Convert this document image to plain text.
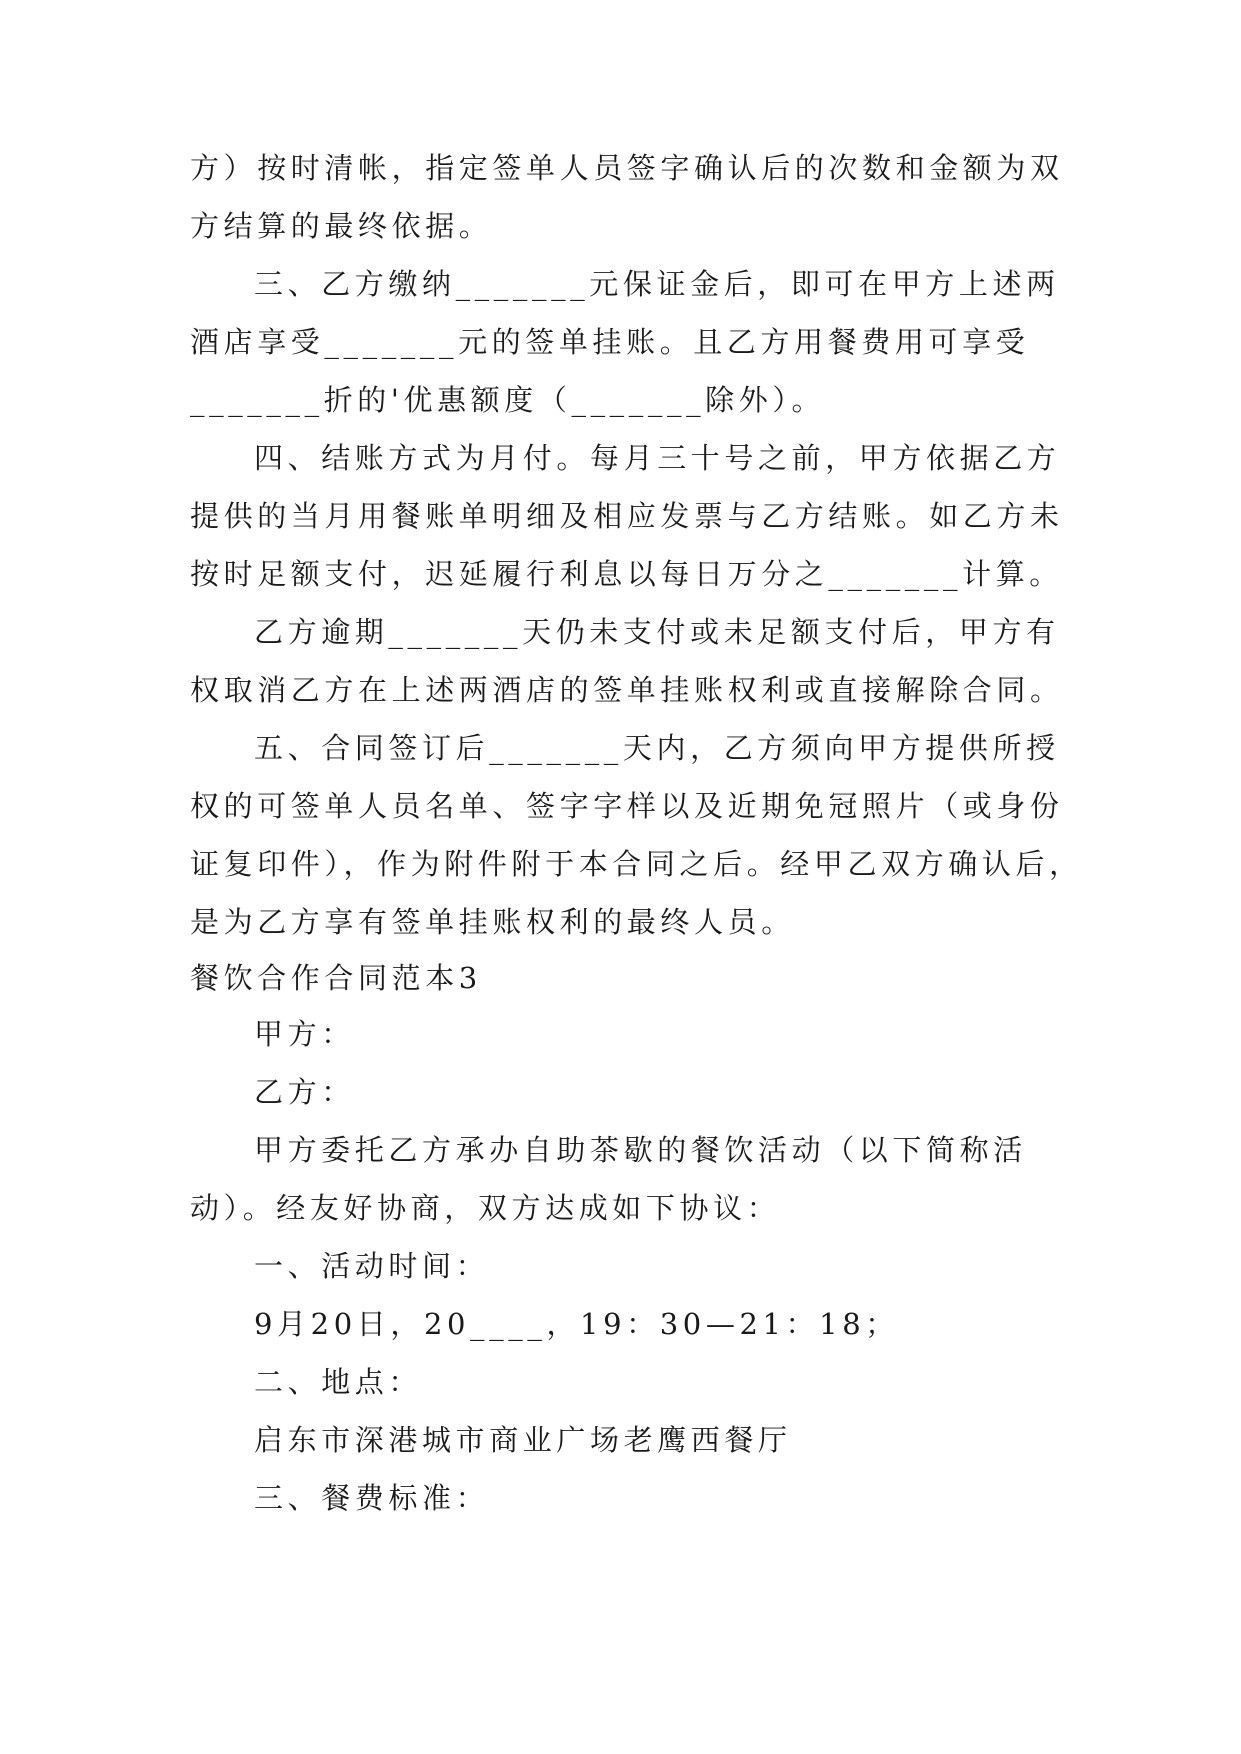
方）按时清帐，指定签单人员签字确认后的次数和金额为双

方结算的最终依据。

三、乙方缴纳_______元保证金后，即可在甲方上述两

酒店享受_______元的签单挂账。且乙方用餐费用可享受

_______折的'优惠额度（_______除外）。

四、结账方式为月付。每月三十号之前，甲方依据乙方

提供的当月用餐账单明细及相应发票与乙方结账。如乙方未

按时足额支付，迟延履行利息以每日万分之_______计算。

乙方逾期_______天仍未支付或未足额支付后，甲方有

权取消乙方在上述两酒店的签单挂账权利或直接解除合同。

五、合同签订后_______天内，乙方须向甲方提供所授

权的可签单人员名单、签字字样以及近期免冠照片（或身份

证复印件），作为附件附于本合同之后。经甲乙双方确认后，

是为乙方享有签单挂账权利的最终人员。

餐饮合作合同范本3

甲方：

乙方：

甲方委托乙方承办自助茶歇的餐饮活动（以下简称活

动）。经友好协商，双方达成如下协议：

一、活动时间：

9月20日，20____，19：30—21：18；

二、地点：

启东市深港城市商业广场老鹰西餐厅

三、餐费标准：
